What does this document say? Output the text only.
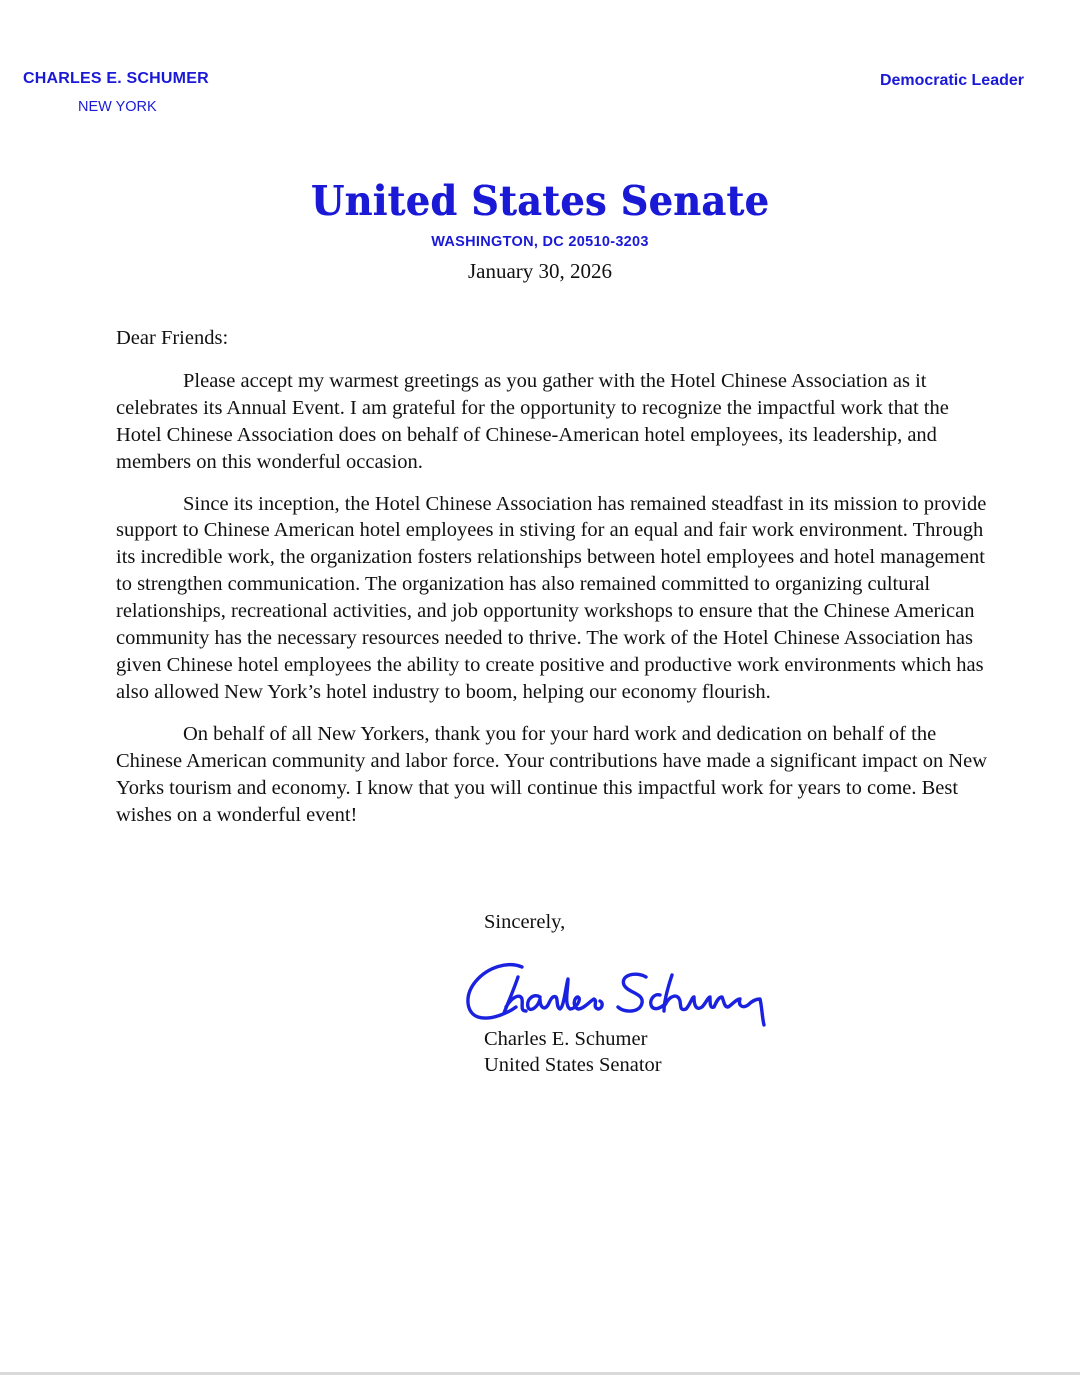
CHARLES E. SCHUMER
NEW YORK
Democratic Leader
United States Senate
WASHINGTON, DC 20510-3203
January 30, 2026

Dear Friends:

Please accept my warmest greetings as you gather with the Hotel Chinese Association as it celebrates its Annual Event. I am grateful for the opportunity to recognize the impactful work that the Hotel Chinese Association does on behalf of Chinese-American hotel employees, its leadership, and members on this wonderful occasion.

Since its inception, the Hotel Chinese Association has remained steadfast in its mission to provide support to Chinese American hotel employees in stiving for an equal and fair work environment. Through its incredible work, the organization fosters relationships between hotel employees and hotel management to strengthen communication. The organization has also remained committed to organizing cultural relationships, recreational activities, and job opportunity workshops to ensure that the Chinese American community has the necessary resources needed to thrive. The work of the Hotel Chinese Association has given Chinese hotel employees the ability to create positive and productive work environments which has also allowed New York’s hotel industry to boom, helping our economy flourish.

On behalf of all New Yorkers, thank you for your hard work and dedication on behalf of the Chinese American community and labor force. Your contributions have made a significant impact on New Yorks tourism and economy. I know that you will continue this impactful work for years to come. Best wishes on a wonderful event!

Sincerely,
Charles E. Schumer
United States Senator
